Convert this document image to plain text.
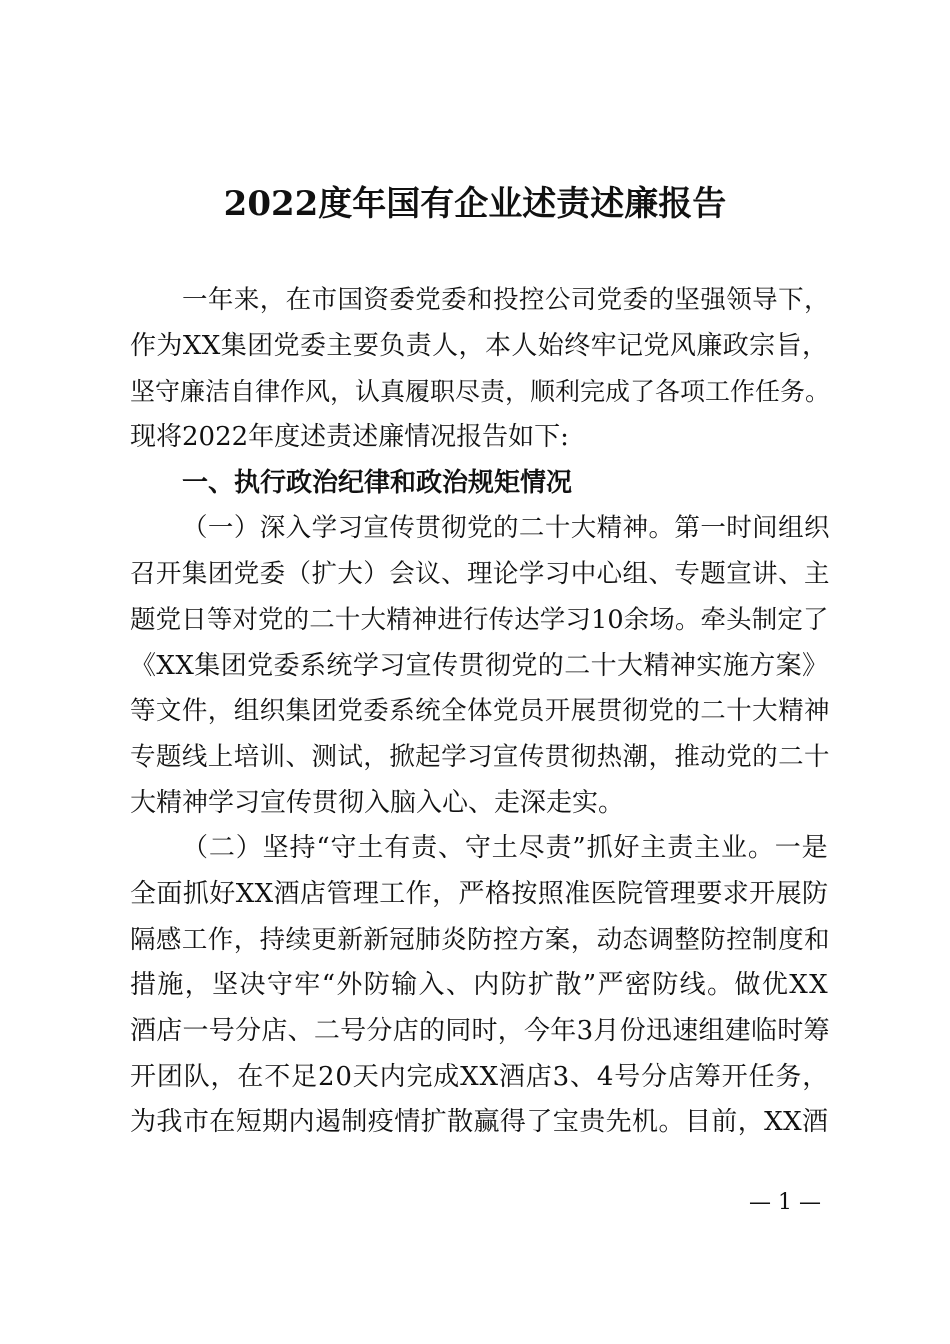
2022度年国有企业述责述廉报告
一年来，在市国资委党委和投控公司党委的坚强领导下，
作为XX集团党委主要负责人，本人始终牢记党风廉政宗旨，
坚守廉洁自律作风，认真履职尽责，顺利完成了各项工作任务。
现将2022年度述责述廉情况报告如下:
一、执行政治纪律和政治规矩情况
（一）深入学习宣传贯彻党的二十大精神。第一时间组织
召开集团党委（扩大）会议、理论学习中心组、专题宣讲、主
题党日等对党的二十大精神进行传达学习10余场。牵头制定了
《XX集团党委系统学习宣传贯彻党的二十大精神实施方案》
等文件，组织集团党委系统全体党员开展贯彻党的二十大精神
专题线上培训、测试，掀起学习宣传贯彻热潮，推动党的二十
大精神学习宣传贯彻入脑入心、走深走实。
（二）坚持“守土有责、守土尽责”抓好主责主业。一是
全面抓好XX酒店管理工作，严格按照准医院管理要求开展防
隔感工作，持续更新新冠肺炎防控方案，动态调整防控制度和
措施，坚决守牢“外防输入、内防扩散”严密防线。做优XX
酒店一号分店、二号分店的同时，今年3月份迅速组建临时筹
开团队，在不足20天内完成XX酒店3、4号分店筹开任务，
为我市在短期内遏制疫情扩散赢得了宝贵先机。目前，XX酒
— 1 —
